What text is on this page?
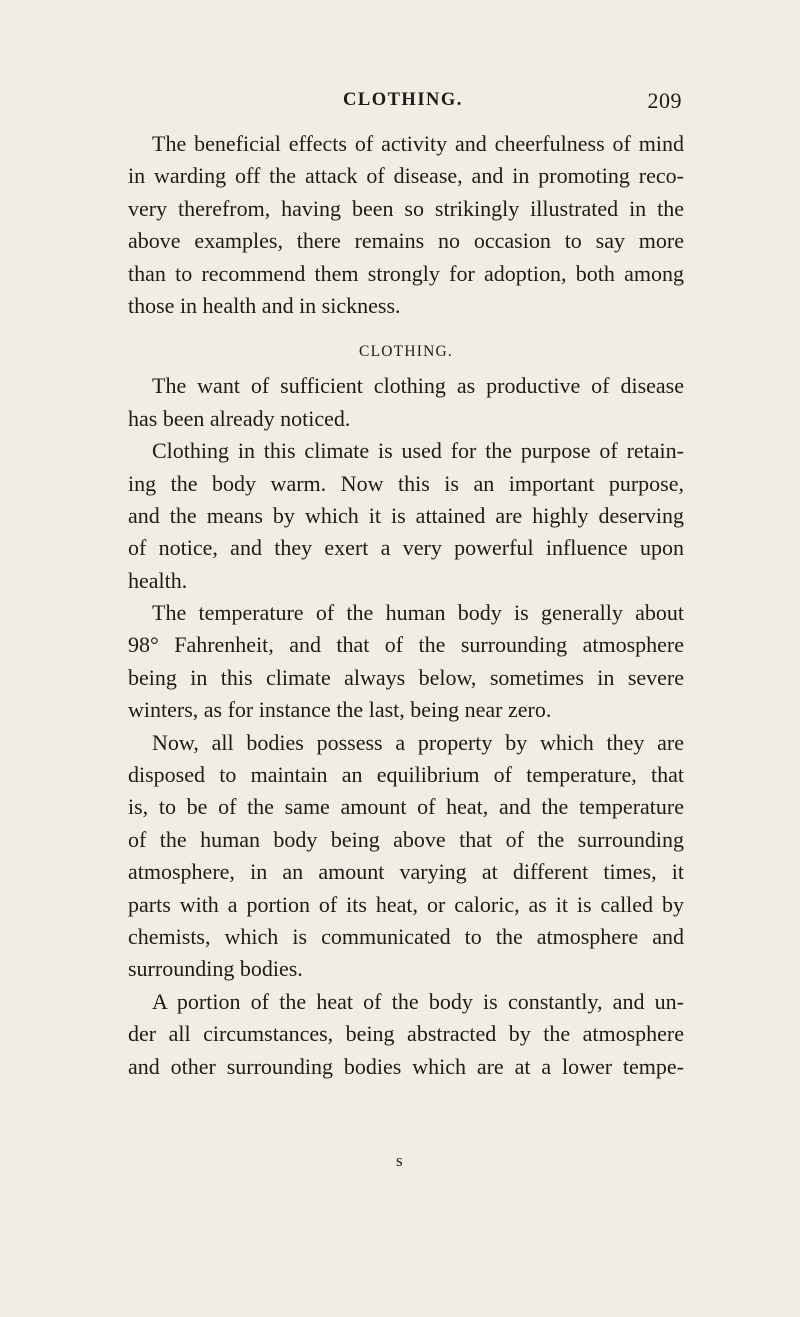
CLOTHING.	209
The beneficial effects of activity and cheerfulness of mind
in warding off the attack of disease, and in promoting reco-
very therefrom, having been so strikingly illustrated in the
above examples, there remains no occasion to say more
than to recommend them strongly for adoption, both among
those in health and in sickness.
CLOTHING.
The want of sufficient clothing as productive of disease
has been already noticed.
Clothing in this climate is used for the purpose of retain-
ing the body warm. Now this is an important purpose,
and the means by which it is attained are highly deserving
of notice, and they exert a very powerful influence upon
health.
The temperature of the human body is generally about
98° Fahrenheit, and that of the surrounding atmosphere
being in this climate always below, sometimes in severe
winters, as for instance the last, being near zero.
Now, all bodies possess a property by which they are
disposed to maintain an equilibrium of temperature, that
is, to be of the same amount of heat, and the temperature
of the human body being above that of the surrounding
atmosphere, in an amount varying at different times, it
parts with a portion of its heat, or caloric, as it is called by
chemists, which is communicated to the atmosphere and
surrounding bodies.
A portion of the heat of the body is constantly, and un-
der all circumstances, being abstracted by the atmosphere
and other surrounding bodies which are at a lower tempe-
s
